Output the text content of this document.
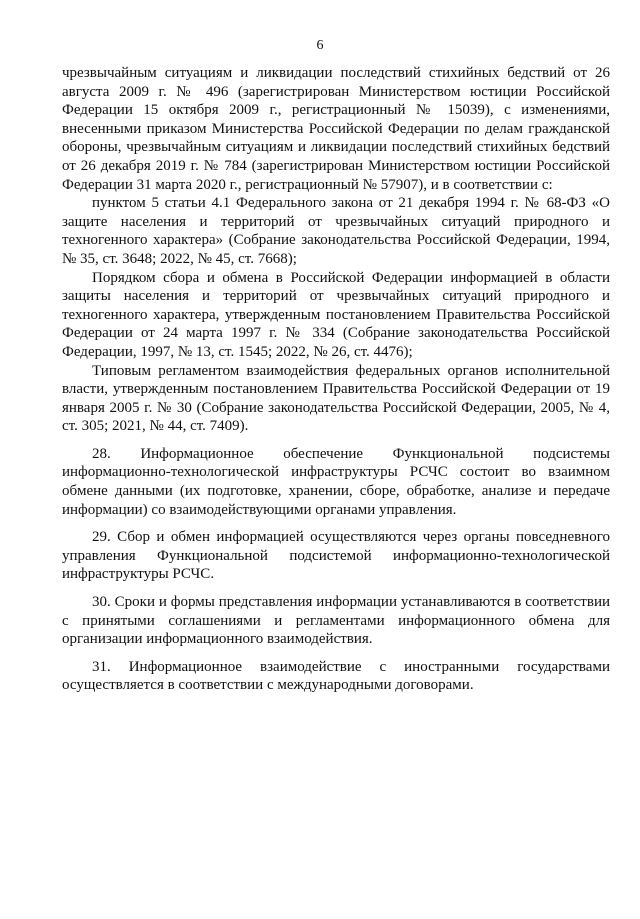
6

чрезвычайным ситуациям и ликвидации последствий стихийных бедствий от 26 августа 2009 г. № 496 (зарегистрирован Министерством юстиции Российской Федерации 15 октября 2009 г., регистрационный № 15039), с изменениями, внесенными приказом Министерства Российской Федерации по делам гражданской обороны, чрезвычайным ситуациям и ликвидации последствий стихийных бедствий от 26 декабря 2019 г. № 784 (зарегистрирован Министерством юстиции Российской Федерации 31 марта 2020 г., регистрационный № 57907), и в соответствии с:

пунктом 5 статьи 4.1 Федерального закона от 21 декабря 1994 г. № 68-ФЗ «О защите населения и территорий от чрезвычайных ситуаций природного и техногенного характера» (Собрание законодательства Российской Федерации, 1994, № 35, ст. 3648; 2022, № 45, ст. 7668);

Порядком сбора и обмена в Российской Федерации информацией в области защиты населения и территорий от чрезвычайных ситуаций природного и техногенного характера, утвержденным постановлением Правительства Российской Федерации от 24 марта 1997 г. № 334 (Собрание законодательства Российской Федерации, 1997, № 13, ст. 1545; 2022, № 26, ст. 4476);

Типовым регламентом взаимодействия федеральных органов исполнительной власти, утвержденным постановлением Правительства Российской Федерации от 19 января 2005 г. № 30 (Собрание законодательства Российской Федерации, 2005, № 4, ст. 305; 2021, № 44, ст. 7409).

28. Информационное обеспечение Функциональной подсистемы информационно-технологической инфраструктуры РСЧС состоит во взаимном обмене данными (их подготовке, хранении, сборе, обработке, анализе и передаче информации) со взаимодействующими органами управления.

29. Сбор и обмен информацией осуществляются через органы повседневного управления Функциональной подсистемой информационно-технологической инфраструктуры РСЧС.

30. Сроки и формы представления информации устанавливаются в соответствии с принятыми соглашениями и регламентами информационного обмена для организации информационного взаимодействия.

31. Информационное взаимодействие с иностранными государствами осуществляется в соответствии с международными договорами.
